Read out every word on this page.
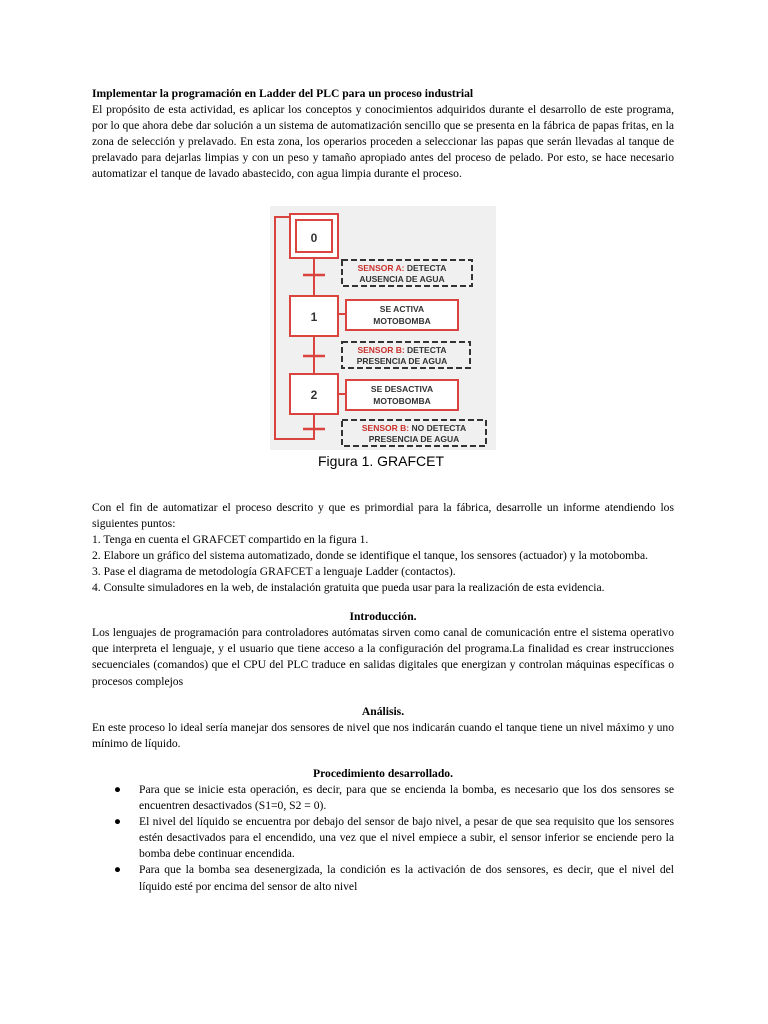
Implementar la programación en Ladder del PLC para un proceso industrial

El propósito de esta actividad, es aplicar los conceptos y conocimientos adquiridos durante el desarrollo de este programa, por lo que ahora debe dar solución a un sistema de automatización sencillo que se presenta en la fábrica de papas fritas, en la zona de selección y prelavado. En esta zona, los operarios proceden a seleccionar las papas que serán llevadas al tanque de prelavado para dejarlas limpias y con un peso y tamaño apropiado antes del proceso de pelado. Por esto, se hace necesario automatizar el tanque de lavado abastecido, con agua limpia durante el proceso.

0
1
2
SE ACTIVA
MOTOBOMBA
SE DESACTIVA
MOTOBOMBA
SENSOR A: DETECTA
AUSENCIA DE AGUA
SENSOR B: DETECTA
PRESENCIA DE AGUA
SENSOR B: NO DETECTA
PRESENCIA DE AGUA
Figura 1. GRAFCET

Con el fin de automatizar el proceso descrito y que es primordial para la fábrica, desarrolle un informe atendiendo los siguientes puntos:

1. Tenga en cuenta el GRAFCET compartido en la figura 1.

2. Elabore un gráfico del sistema automatizado, donde se identifique el tanque, los sensores (actuador) y la motobomba.

3. Pase el diagrama de metodología GRAFCET a lenguaje Ladder (contactos).

4. Consulte simuladores en la web, de instalación gratuita que pueda usar para la realización de esta evidencia.

Introducción.

Los lenguajes de programación para controladores autómatas sirven como canal de comunicación entre el sistema operativo que interpreta el lenguaje, y el usuario que tiene acceso a la configuración del programa.La finalidad es crear instrucciones secuenciales (comandos) que el CPU del PLC traduce en salidas digitales que energizan y controlan máquinas específicas o procesos complejos

Análisis.

En este proceso lo ideal sería manejar dos sensores de nivel que nos indicarán cuando el tanque tiene un nivel máximo y uno mínimo de líquido.

Procedimiento desarrollado.

● Para que se inicie esta operación, es decir, para que se encienda la bomba, es necesario que los dos sensores se encuentren desactivados (S1=0, S2 = 0).
● El nivel del líquido se encuentra por debajo del sensor de bajo nivel, a pesar de que sea requisito que los sensores estén desactivados para el encendido, una vez que el nivel empiece a subir, el sensor inferior se enciende pero la bomba debe continuar encendida.
● Para que la bomba sea desenergizada, la condición es la activación de dos sensores, es decir, que el nivel del líquido esté por encima del sensor de alto nivel
